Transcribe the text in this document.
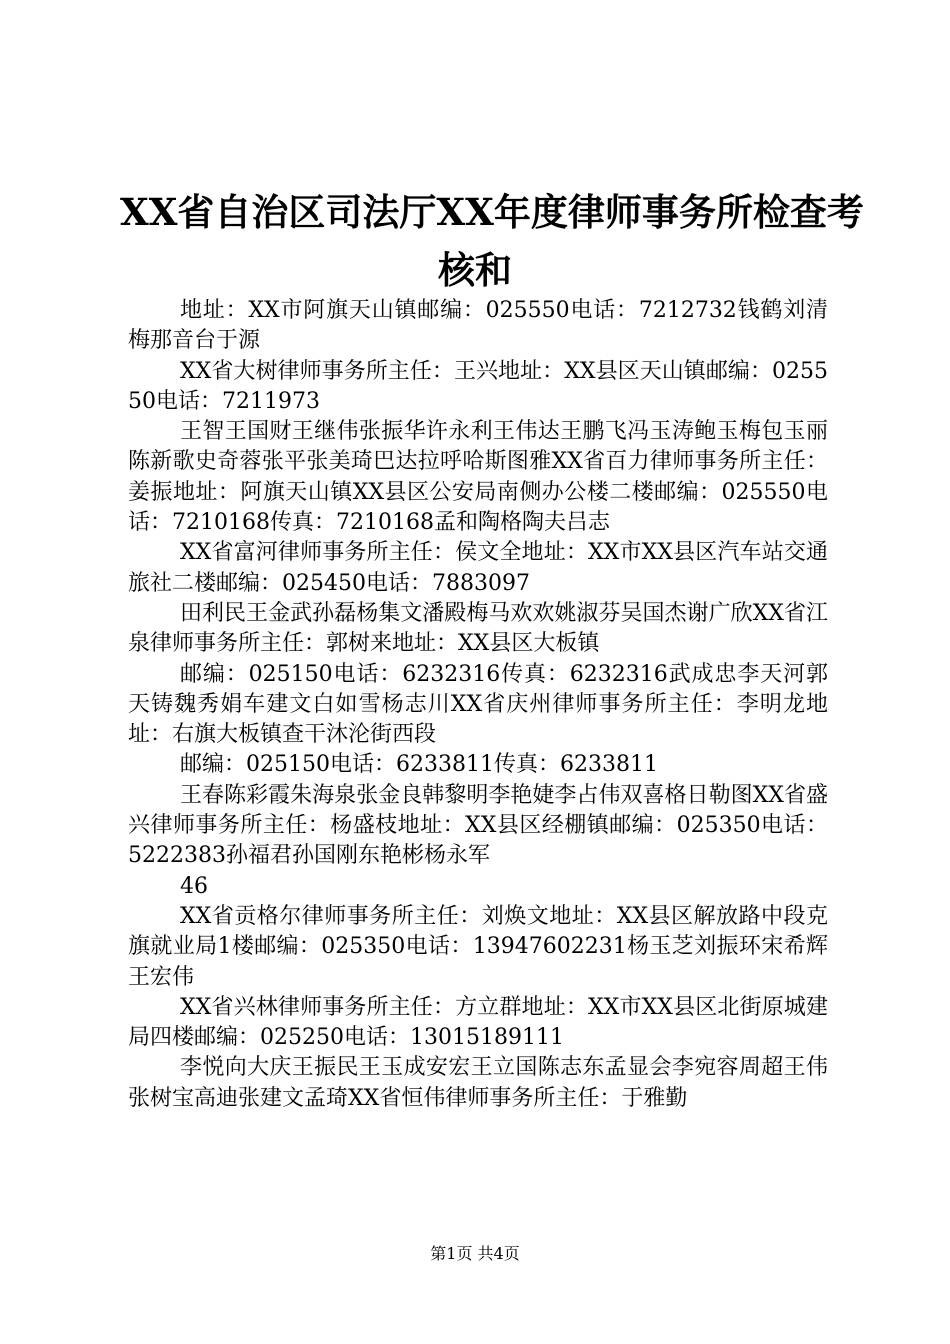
XX省自治区司法厅XX年度律师事务所检查考
核和

地址：XX市阿旗天山镇邮编：025550电话：7212732钱鹤刘清梅那音台于源

XX省大树律师事务所主任：王兴地址：XX县区天山镇邮编：025550电话：7211973

王智王国财王继伟张振华许永利王伟达王鹏飞冯玉涛鲍玉梅包玉丽陈新歌史奇蓉张平张美琦巴达拉呼哈斯图雅XX省百力律师事务所主任：姜振地址：阿旗天山镇XX县区公安局南侧办公楼二楼邮编：025550电话：7210168传真：7210168孟和陶格陶夫吕志

XX省富河律师事务所主任：侯文全地址：XX市XX县区汽车站交通旅社二楼邮编：025450电话：7883097

田利民王金武孙磊杨集文潘殿梅马欢欢姚淑芬吴国杰谢广欣XX省江泉律师事务所主任：郭树来地址：XX县区大板镇

邮编：025150电话：6232316传真：6232316武成忠李天河郭天铸魏秀娟车建文白如雪杨志川XX省庆州律师事务所主任：李明龙地址：右旗大板镇查干沐沦街西段

邮编：025150电话：6233811传真：6233811

王春陈彩霞朱海泉张金良韩黎明李艳婕李占伟双喜格日勒图XX省盛兴律师事务所主任：杨盛枝地址：XX县区经棚镇邮编：025350电话：5222383孙福君孙国刚东艳彬杨永军

46

XX省贡格尔律师事务所主任：刘焕文地址：XX县区解放路中段克旗就业局1楼邮编：025350电话：13947602231杨玉芝刘振环宋希辉王宏伟

XX省兴林律师事务所主任：方立群地址：XX市XX县区北街原城建局四楼邮编：025250电话：13015189111

李悦向大庆王振民王玉成安宏王立国陈志东孟显会李宛容周超王伟张树宝高迪张建文孟琦XX省恒伟律师事务所主任：于雅勤

第1页 共4页
